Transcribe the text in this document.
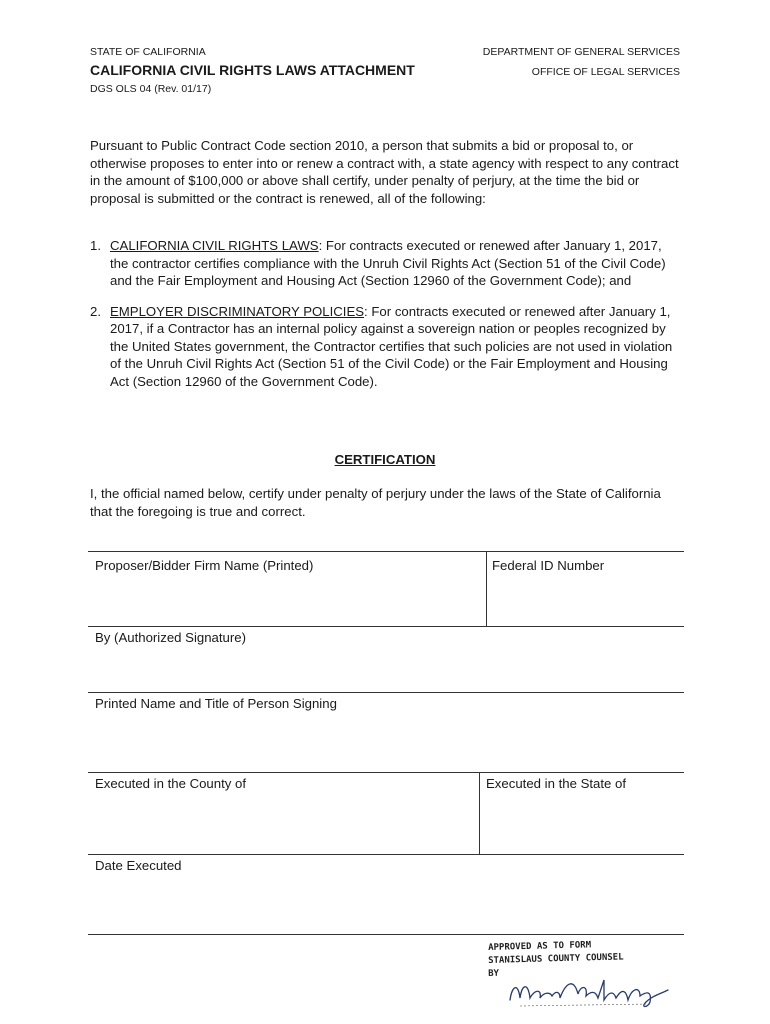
STATE OF CALIFORNIA
CALIFORNIA CIVIL RIGHTS LAWS ATTACHMENT
DGS OLS 04 (Rev. 01/17)
DEPARTMENT OF GENERAL SERVICES
OFFICE OF LEGAL SERVICES
Pursuant to Public Contract Code section 2010, a person that submits a bid or proposal to, or otherwise proposes to enter into or renew a contract with, a state agency with respect to any contract in the amount of $100,000 or above shall certify, under penalty of perjury, at the time the bid or proposal is submitted or the contract is renewed, all of the following:
1. CALIFORNIA CIVIL RIGHTS LAWS: For contracts executed or renewed after January 1, 2017, the contractor certifies compliance with the Unruh Civil Rights Act (Section 51 of the Civil Code) and the Fair Employment and Housing Act (Section 12960 of the Government Code); and
2. EMPLOYER DISCRIMINATORY POLICIES: For contracts executed or renewed after January 1, 2017, if a Contractor has an internal policy against a sovereign nation or peoples recognized by the United States government, the Contractor certifies that such policies are not used in violation of the Unruh Civil Rights Act (Section 51 of the Civil Code) or the Fair Employment and Housing Act (Section 12960 of the Government Code).
CERTIFICATION
I, the official named below, certify under penalty of perjury under the laws of the State of California that the foregoing is true and correct.
Proposer/Bidder Firm Name (Printed)	Federal ID Number
By (Authorized Signature)
Printed Name and Title of Person Signing
Executed in the County of	Executed in the State of
Date Executed
APPROVED AS TO FORM
STANISLAUS COUNTY COUNSEL
BY
